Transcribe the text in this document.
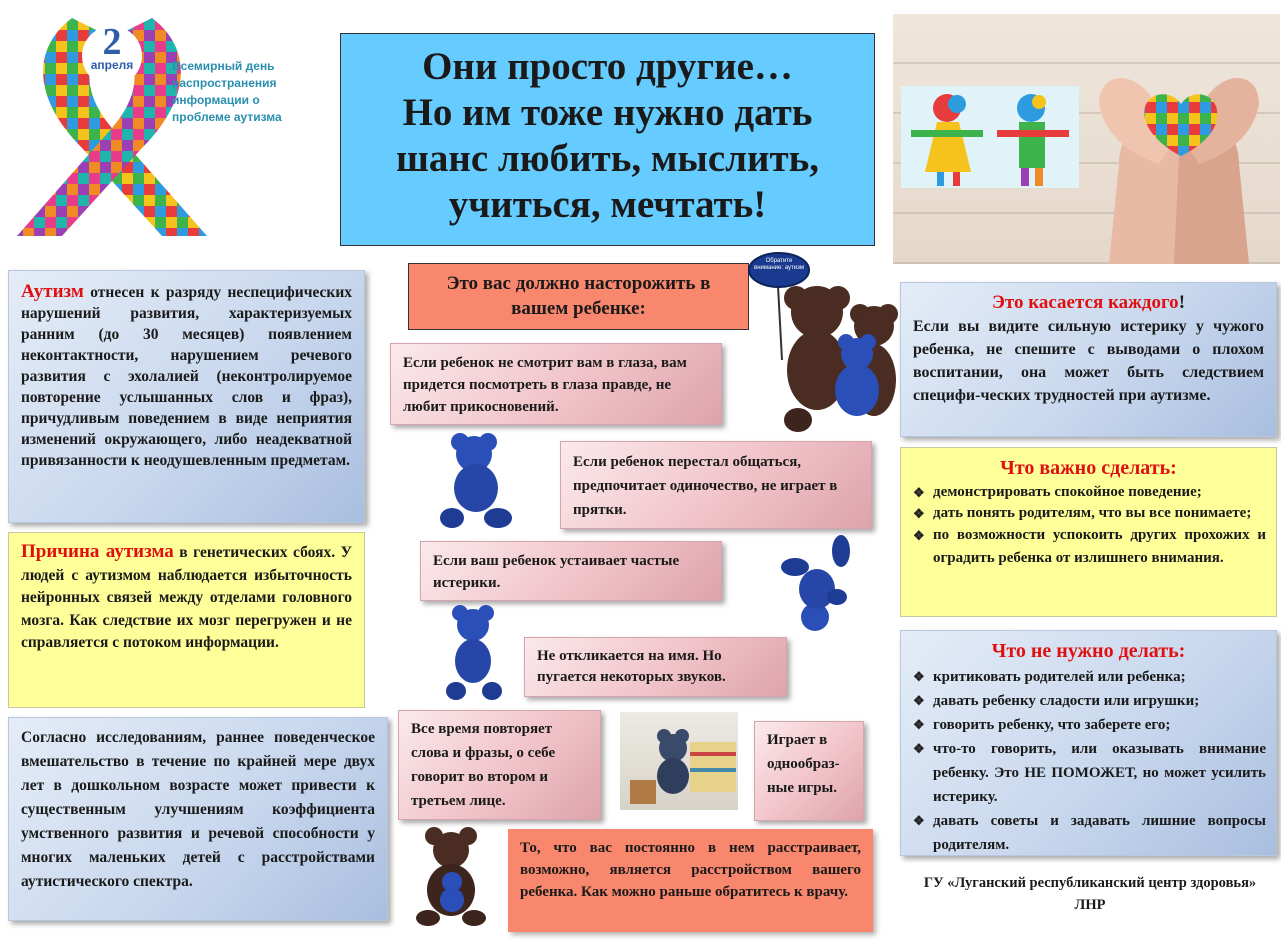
2
апреля	Всемирный день
распространения
информации о
проблеме аутизма
Они просто другие…
Но им тоже нужно дать
шанс любить, мыслить,
учиться, мечтать!

Аутизм отнесен к разряду неспецифических нарушений развития, характеризуемых ранним (до 30 месяцев) появлением неконтактности, нарушением речевого развития с эхолалией (неконтролируемое повторение услышанных слов и фраз), причудливым поведением в виде неприятия изменений окружающего, либо неадекватной привязанности к неодушевленным предметам.

Причина аутизма в генетических сбоях. У людей с аутизмом наблюдается избыточность нейронных связей между отделами головного мозга. Как следствие их мозг перегружен и не справляется с потоком информации.

Согласно исследованиям, раннее поведенческое вмешательство в течение по крайней мере двух лет в дошкольном возрасте может привести к существенным улучшениям коэффициента умственного развития и речевой способности у многих маленьких детей с расстройствами аутистического спектра.

Это вас должно насторожить в вашем ребенке:

Обратите внимание: аутизм

Если ребенок не смотрит вам в глаза, вам придется посмотреть в глаза правде, не любит прикосновений.

Если ребенок перестал общаться, предпочитает одиночество, не играет в прятки.

Если ваш ребенок устаивает частые истерики.

Не откликается на имя. Но пугается некоторых звуков.

Все время повторяет слова и фразы, о себе говорит во втором и третьем лице.

Играет в однообраз-ные игры.

То, что вас постоянно в нем расстраивает, возможно, является расстройством вашего ребенка. Как можно раньше обратитесь к врачу.

Это касается каждого!

Если вы видите сильную истерику у чужого ребенка, не спешите с выводами о плохом воспитании, она может быть следствием специфи-ческих трудностей при аутизме.

Что важно сделать:
❖ демонстрировать спокойное поведение;
❖ дать понять родителям, что вы все понимаете;
❖ по возможности успокоить других прохожих и оградить ребенка от излишнего внимания.
Что не нужно делать:
❖ критиковать родителей или ребенка;
❖ давать ребенку сладости или игрушки;
❖ говорить ребенку, что заберете его;
❖ что-то говорить, или оказывать внимание ребенку. Это НЕ ПОМОЖЕТ, но может усилить истерику.
❖ давать советы и задавать лишние вопросы родителям.
ГУ «Луганский республиканский центр здоровья» ЛНР
